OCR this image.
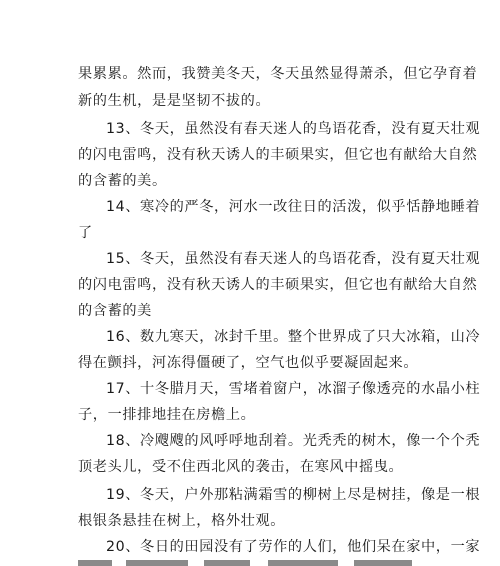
果累累。然而，我赞美冬天，冬天虽然显得萧杀，但它孕育着
新的生机，是是坚韧不拔的。
13、冬天，虽然没有春天迷人的鸟语花香，没有夏天壮观
的闪电雷鸣，没有秋天诱人的丰硕果实，但它也有献给大自然
的含蓄的美。
14、寒冷的严冬，河水一改往日的活泼，似乎恬静地睡着
了
15、冬天，虽然没有春天迷人的鸟语花香，没有夏天壮观
的闪电雷鸣，没有秋天诱人的丰硕果实，但它也有献给大自然
的含蓄的美
16、数九寒天，冰封千里。整个世界成了只大冰箱，山冷
得在颤抖，河冻得僵硬了，空气也似乎要凝固起来。
17、十冬腊月天，雪堵着窗户，冰溜子像透亮的水晶小柱
子，一排排地挂在房檐上。
18、冷飕飕的风呼呼地刮着。光秃秃的树木，像一个个秃
顶老头儿，受不住西北风的袭击，在寒风中摇曳。
19、冬天，户外那粘满霜雪的柳树上尽是树挂，像是一根
根银条悬挂在树上，格外壮观。
20、冬日的田园没有了劳作的人们，他们呆在家中，一家
